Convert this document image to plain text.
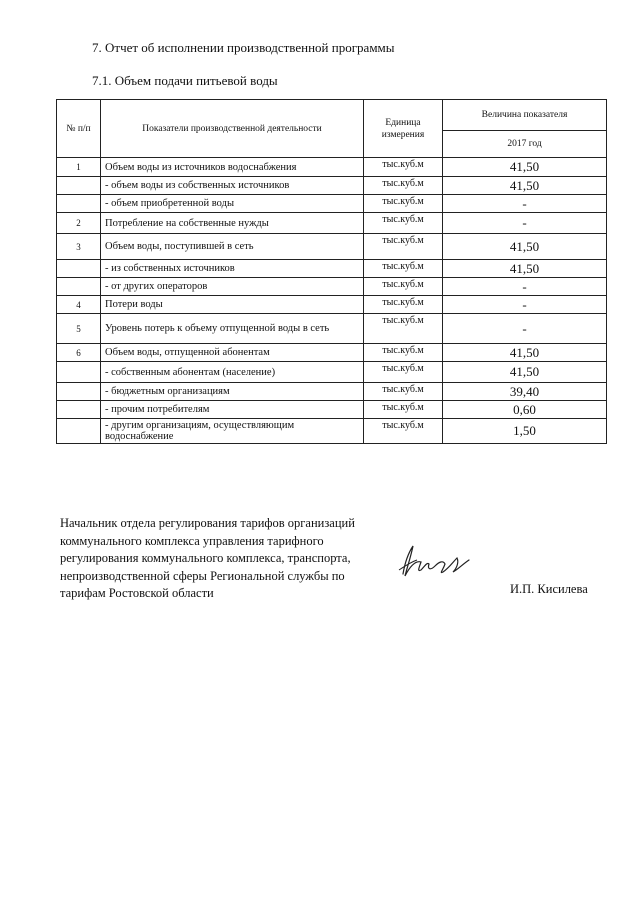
7. Отчет об исполнении производственной программы
7.1. Объем подачи питьевой воды
№ п/п	Показатели производственной деятельности	Единица измерения	Величина показателя
			2017 год
1	Объем воды из источников водоснабжения	тыс.куб.м	41,50
	- объем воды из собственных источников	тыс.куб.м	41,50
	- объем приобретенной воды	тыс.куб.м	-
2	Потребление на собственные нужды	тыс.куб.м	-
3	Объем воды, поступившей в сеть	тыс.куб.м	41,50
	- из собственных источников	тыс.куб.м	41,50
	- от других операторов	тыс.куб.м	-
4	Потери воды	тыс.куб.м	-
5	Уровень потерь к объему отпущенной воды в сеть	тыс.куб.м	-
6	Объем воды, отпущенной абонентам	тыс.куб.м	41,50
	- собственным абонентам (население)	тыс.куб.м	41,50
	- бюджетным организациям	тыс.куб.м	39,40
	- прочим потребителям	тыс.куб.м	0,60
	- другим организациям, осуществляющим водоснабжение	тыс.куб.м	1,50
Начальник отдела регулирования тарифов организаций коммунального комплекса управления тарифного регулирования коммунального комплекса, транспорта, непроизводственной сферы Региональной службы по тарифам Ростовской области	И.П. Кисилева
